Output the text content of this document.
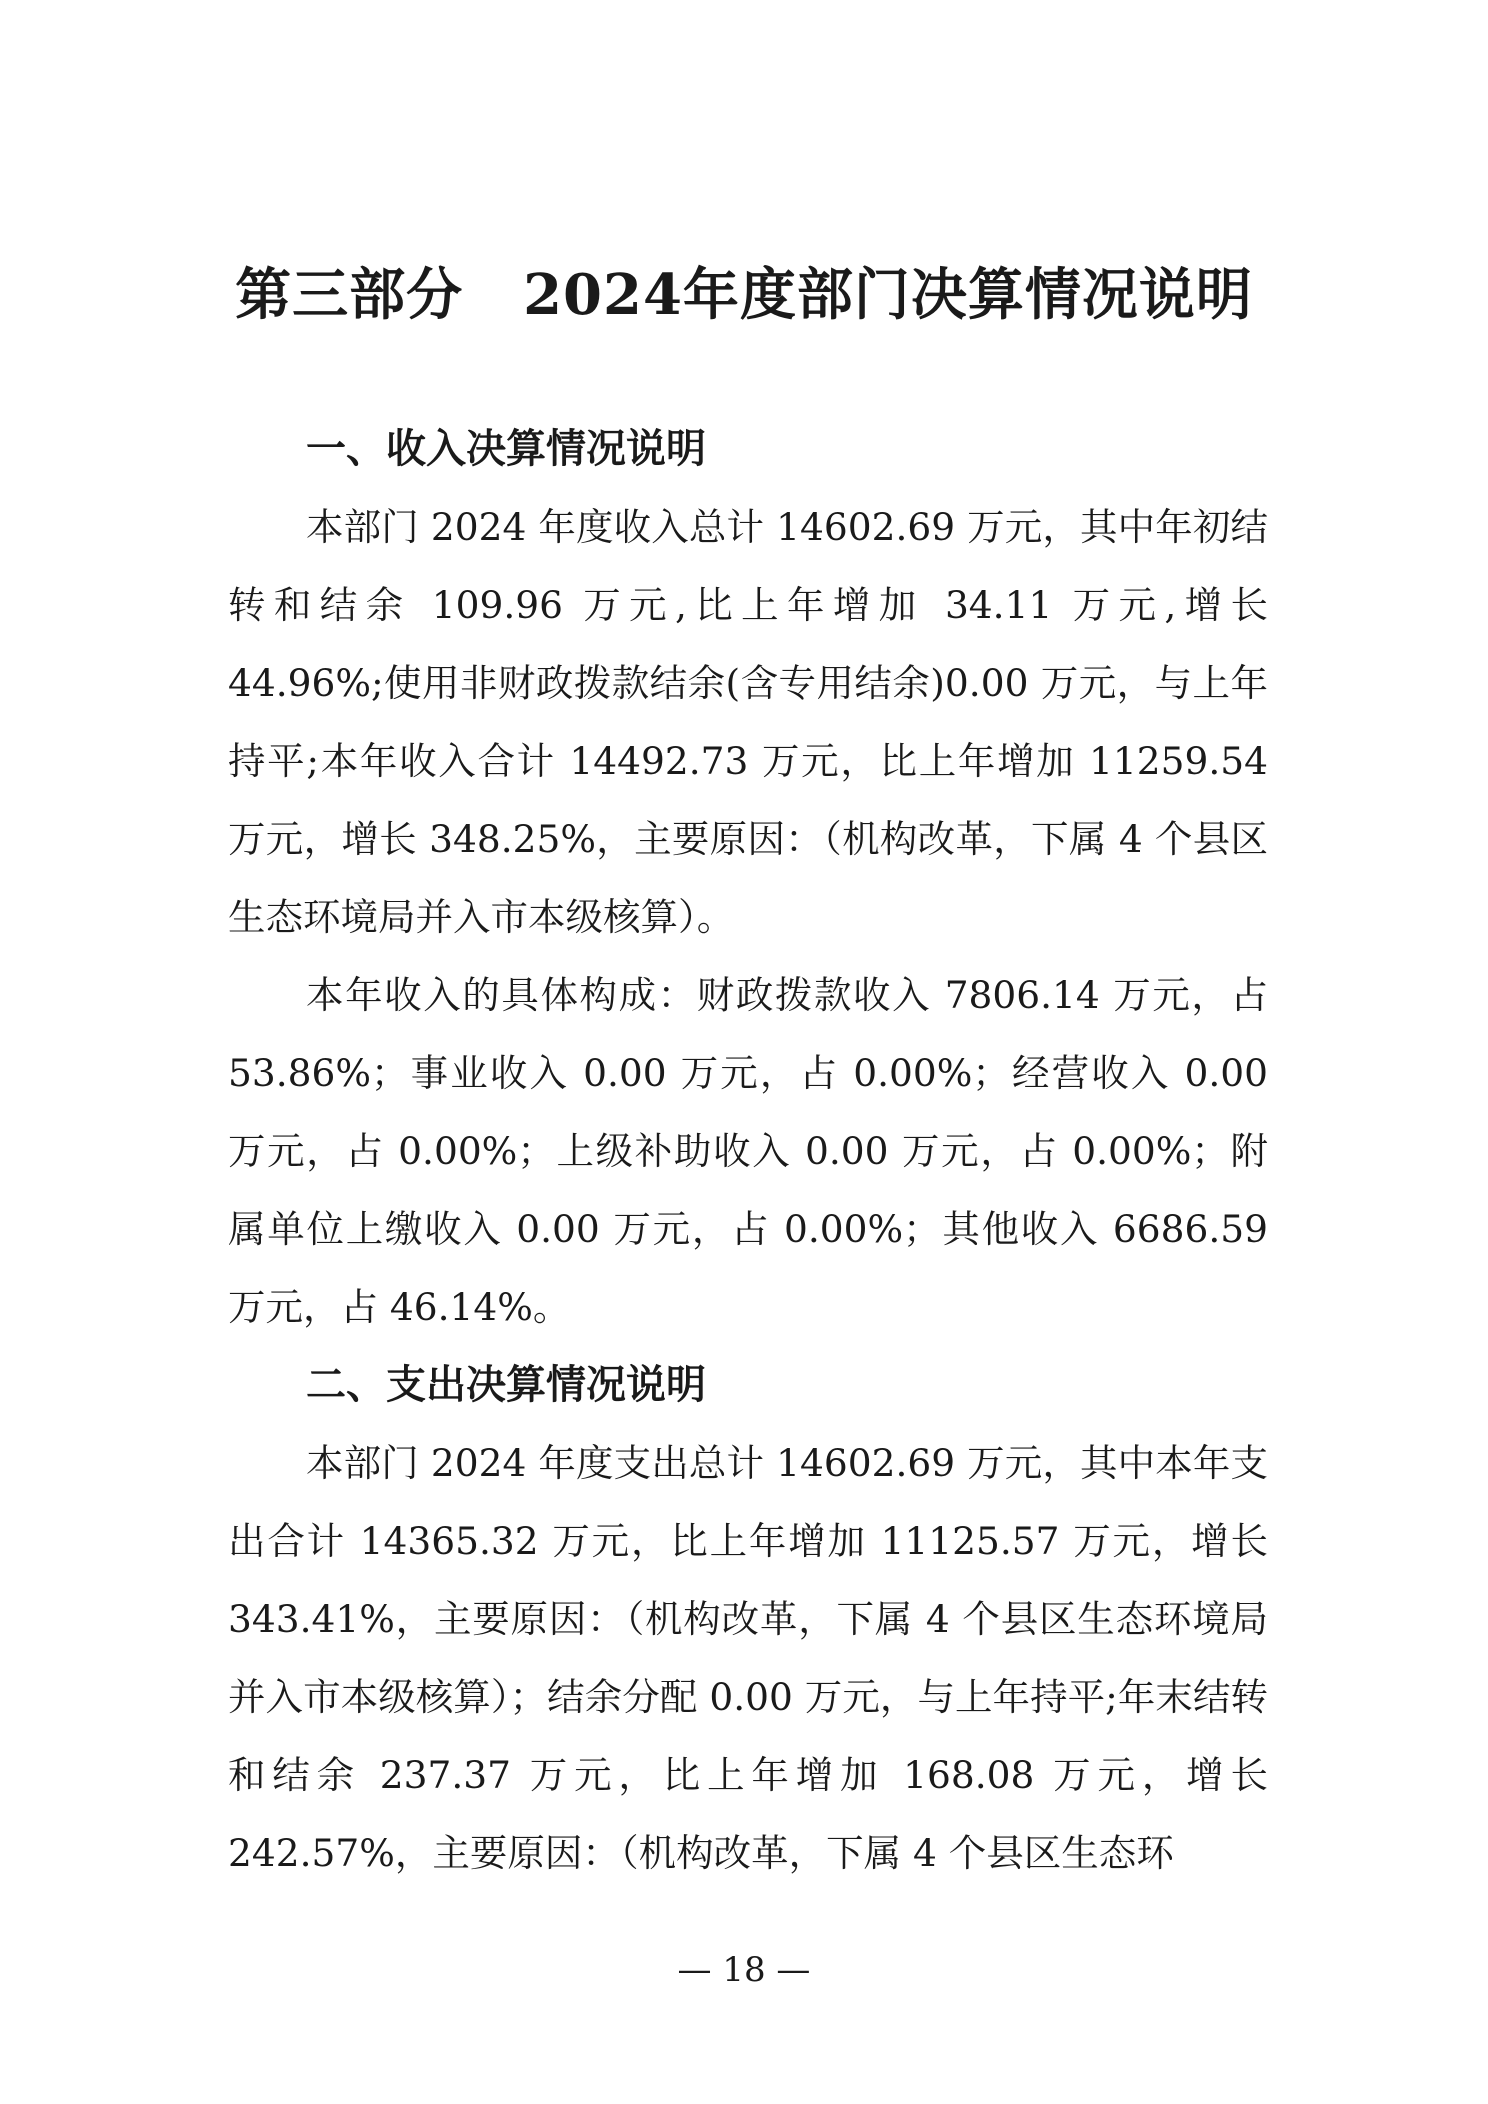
第三部分 2024年度部门决算情况说明
一、收入决算情况说明

本部门 2024 年度收入总计 14602.69 万元，其中年初结转和结余 109.96 万元,比上年增加 34.11 万元,增长 44.96%;使用非财政拨款结余(含专用结余)0.00 万元，与上年持平;本年收入合计 14492.73 万元，比上年增加 11259.54 万元，增长 348.25%，主要原因：（机构改革，下属 4 个县区生态环境局并入市本级核算）。

本年收入的具体构成：财政拨款收入 7806.14 万元，占 53.86%；事业收入 0.00 万元，占 0.00%；经营收入 0.00 万元，占 0.00%；上级补助收入 0.00 万元，占 0.00%；附属单位上缴收入 0.00 万元，占 0.00%；其他收入 6686.59 万元，占 46.14%。

二、支出决算情况说明

本部门 2024 年度支出总计 14602.69 万元，其中本年支出合计 14365.32 万元，比上年增加 11125.57 万元，增长 343.41%，主要原因：（机构改革，下属 4 个县区生态环境局并入市本级核算）；结余分配 0.00 万元，与上年持平;年末结转和结余 237.37 万元，比上年增加 168.08 万元，增长 242.57%，主要原因：（机构改革，下属 4 个县区生态环

— 18 —
